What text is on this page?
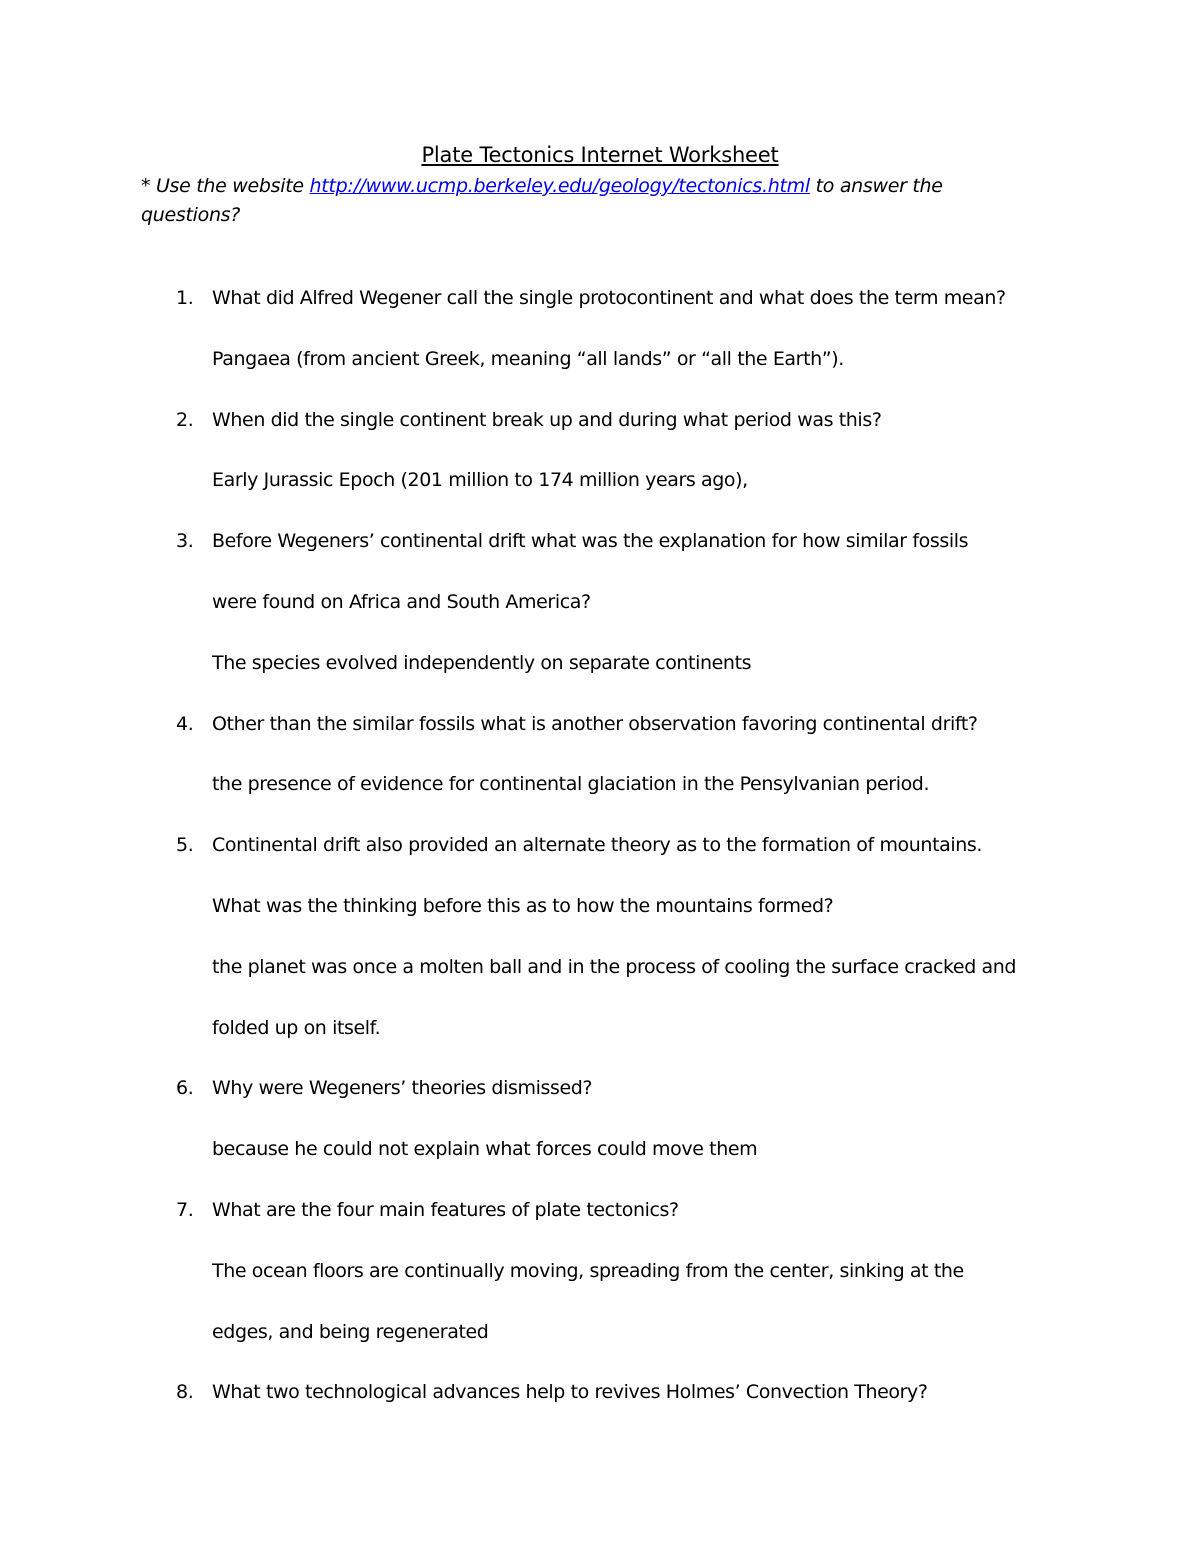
Plate Tectonics Internet Worksheet
* Use the website http://www.ucmp.berkeley.edu/geology/tectonics.html to answer the
questions?
1. What did Alfred Wegener call the single protocontinent and what does the term mean?
Pangaea (from ancient Greek, meaning “all lands” or “all the Earth”).
2. When did the single continent break up and during what period was this?
Early Jurassic Epoch (201 million to 174 million years ago),
3. Before Wegeners’ continental drift what was the explanation for how similar fossils
were found on Africa and South America?
The species evolved independently on separate continents
4. Other than the similar fossils what is another observation favoring continental drift?
the presence of evidence for continental glaciation in the Pensylvanian period.
5. Continental drift also provided an alternate theory as to the formation of mountains.
What was the thinking before this as to how the mountains formed?
the planet was once a molten ball and in the process of cooling the surface cracked and
folded up on itself.
6. Why were Wegeners’ theories dismissed?
because he could not explain what forces could move them
7. What are the four main features of plate tectonics?
The ocean floors are continually moving, spreading from the center, sinking at the
edges, and being regenerated
8. What two technological advances help to revives Holmes’ Convection Theory?
